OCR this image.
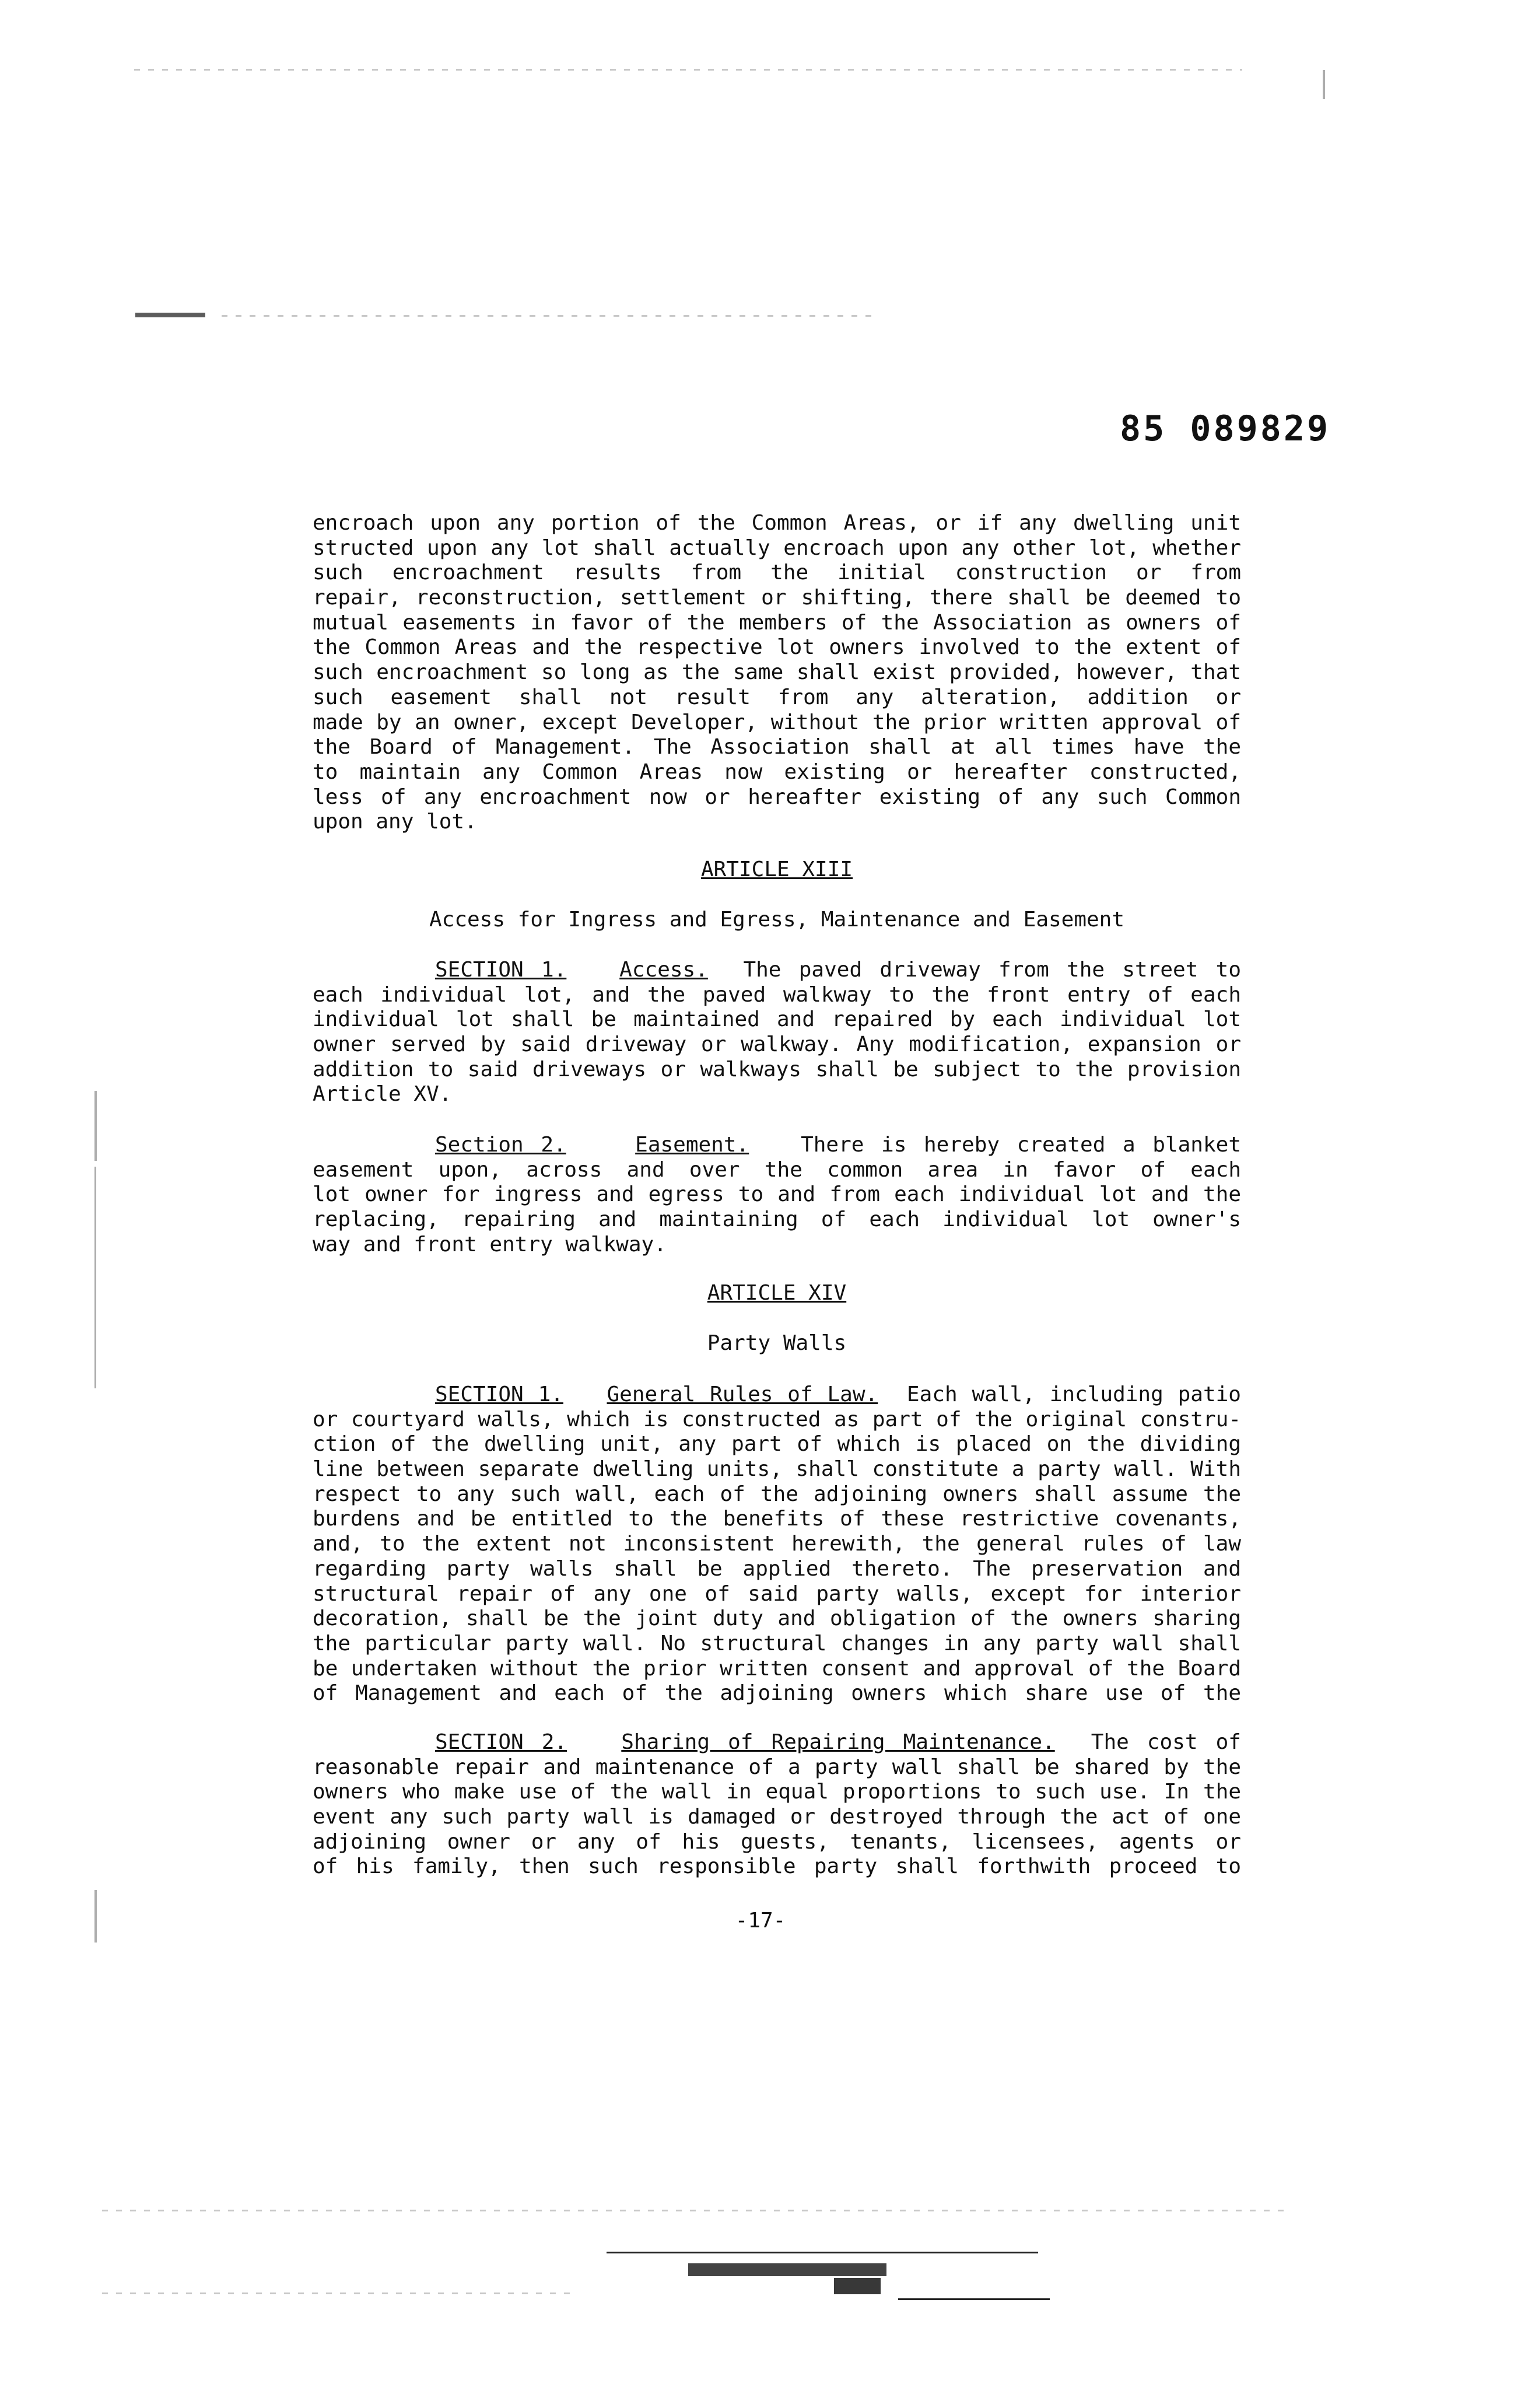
85 089829
encroach upon any portion of the Common Areas, or if any dwelling unit
structed upon any lot shall actually encroach upon any other lot, whether
such encroachment results from the initial construction or from
repair, reconstruction, settlement or shifting, there shall be deemed to
mutual easements in favor of the members of the Association as owners of
the Common Areas and the respective lot owners involved to the extent of
such encroachment so long as the same shall exist provided, however, that
such easement shall not result from any alteration, addition or
made by an owner, except Developer, without the prior written approval of
the Board of Management. The Association shall at all times have the
to maintain any Common Areas now existing or hereafter constructed,
less of any encroachment now or hereafter existing of any such Common
upon any lot.
ARTICLE XIII
Access for Ingress and Egress, Maintenance and Easement
SECTION 1.	Access. The paved driveway from the street to
each individual lot, and the paved walkway to the front entry of each
individual lot shall be maintained and repaired by each individual lot
owner served by said driveway or walkway. Any modification, expansion or
addition to said driveways or walkways shall be subject to the provision
Article XV.
Section 2.	Easement. There is hereby created a blanket
easement upon, across and over the common area in favor of each
lot owner for ingress and egress to and from each individual lot and the
replacing, repairing and maintaining of each individual lot owner's
way and front entry walkway.
ARTICLE XIV
Party Walls
SECTION 1. General Rules of Law. Each wall, including patio
or courtyard walls, which is constructed as part of the original constru-
ction of the dwelling unit, any part of which is placed on the dividing
line between separate dwelling units, shall constitute a party wall. With
respect to any such wall, each of the adjoining owners shall assume the
burdens and be entitled to the benefits of these restrictive covenants,
and, to the extent not inconsistent herewith, the general rules of law
regarding party walls shall be applied thereto. The preservation and
structural repair of any one of said party walls, except for interior
decoration, shall be the joint duty and obligation of the owners sharing
the particular party wall. No structural changes in any party wall shall
be undertaken without the prior written consent and approval of the Board
of Management and each of the adjoining owners which share use of the
SECTION 2.	Sharing of Repairing Maintenance. The cost of
reasonable repair and maintenance of a party wall shall be shared by the
owners who make use of the wall in equal proportions to such use. In the
event any such party wall is damaged or destroyed through the act of one
adjoining owner or any of his guests, tenants, licensees, agents or
of his family, then such responsible party shall forthwith proceed to
-17-
